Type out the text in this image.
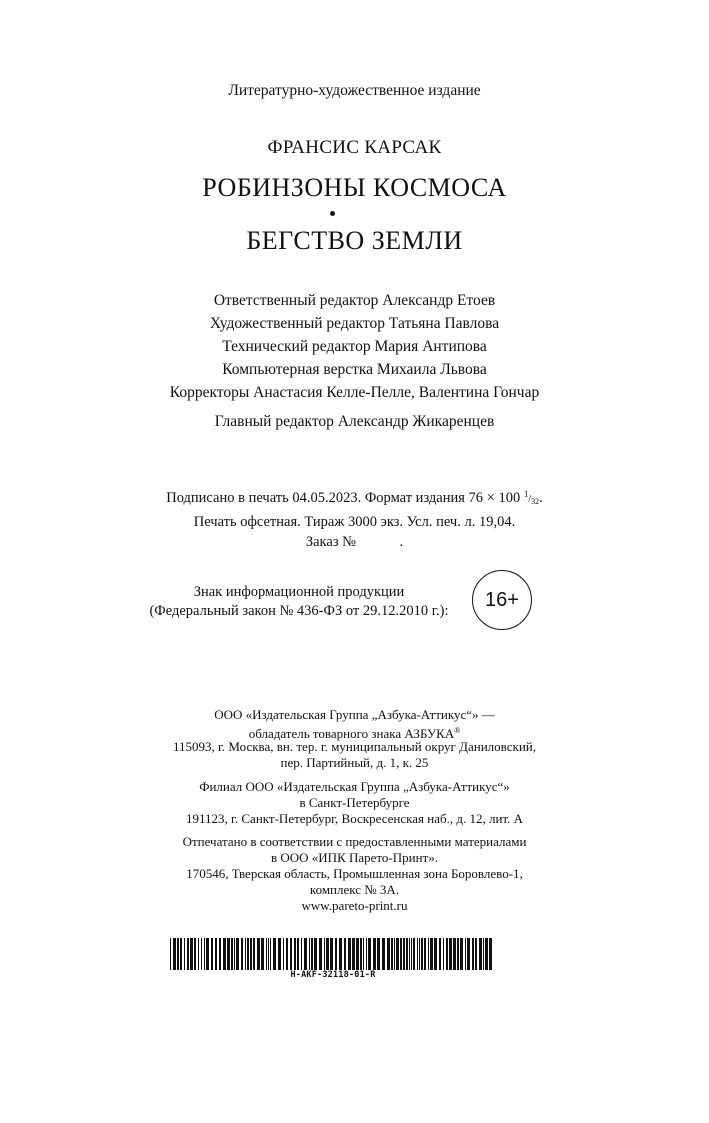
Литературно-художественное издание
ФРАНСИС КАРСАК
РОБИНЗОНЫ КОСМОСА
БЕГСТВО ЗЕМЛИ
Ответственный редактор Александр Етоев
Художественный редактор Татьяна Павлова
Технический редактор Мария Антипова
Компьютерная верстка Михаила Львова
Корректоры Анастасия Келле-Пелле, Валентина Гончар
Главный редактор Александр Жикаренцев
Подписано в печать 04.05.2023. Формат издания 76 × 100 $^1/_{32}$.
Печать офсетная. Тираж 3000 экз. Усл. печ. л. 19,04.
Заказ №            .
Знак информационной продукции
(Федеральный закон № 436-ФЗ от 29.12.2010 г.):
16+
ООО «Издательская Группа „Азбука-Аттикус“» —
обладатель товарного знака АЗБУКА®
115093, г. Москва, вн. тер. г. муниципальный округ Даниловский,
пер. Партийный, д. 1, к. 25
Филиал ООО «Издательская Группа „Азбука-Аттикус“»
в Санкт-Петербурге
191123, г. Санкт-Петербург, Воскресенская наб., д. 12, лит. А
Отпечатано в соответствии с предоставленными материалами
в ООО «ИПК Парето-Принт».
170546, Тверская область, Промышленная зона Боровлево-1,
комплекс № 3А.
www.pareto-print.ru
H-AKF-32118-01-R
